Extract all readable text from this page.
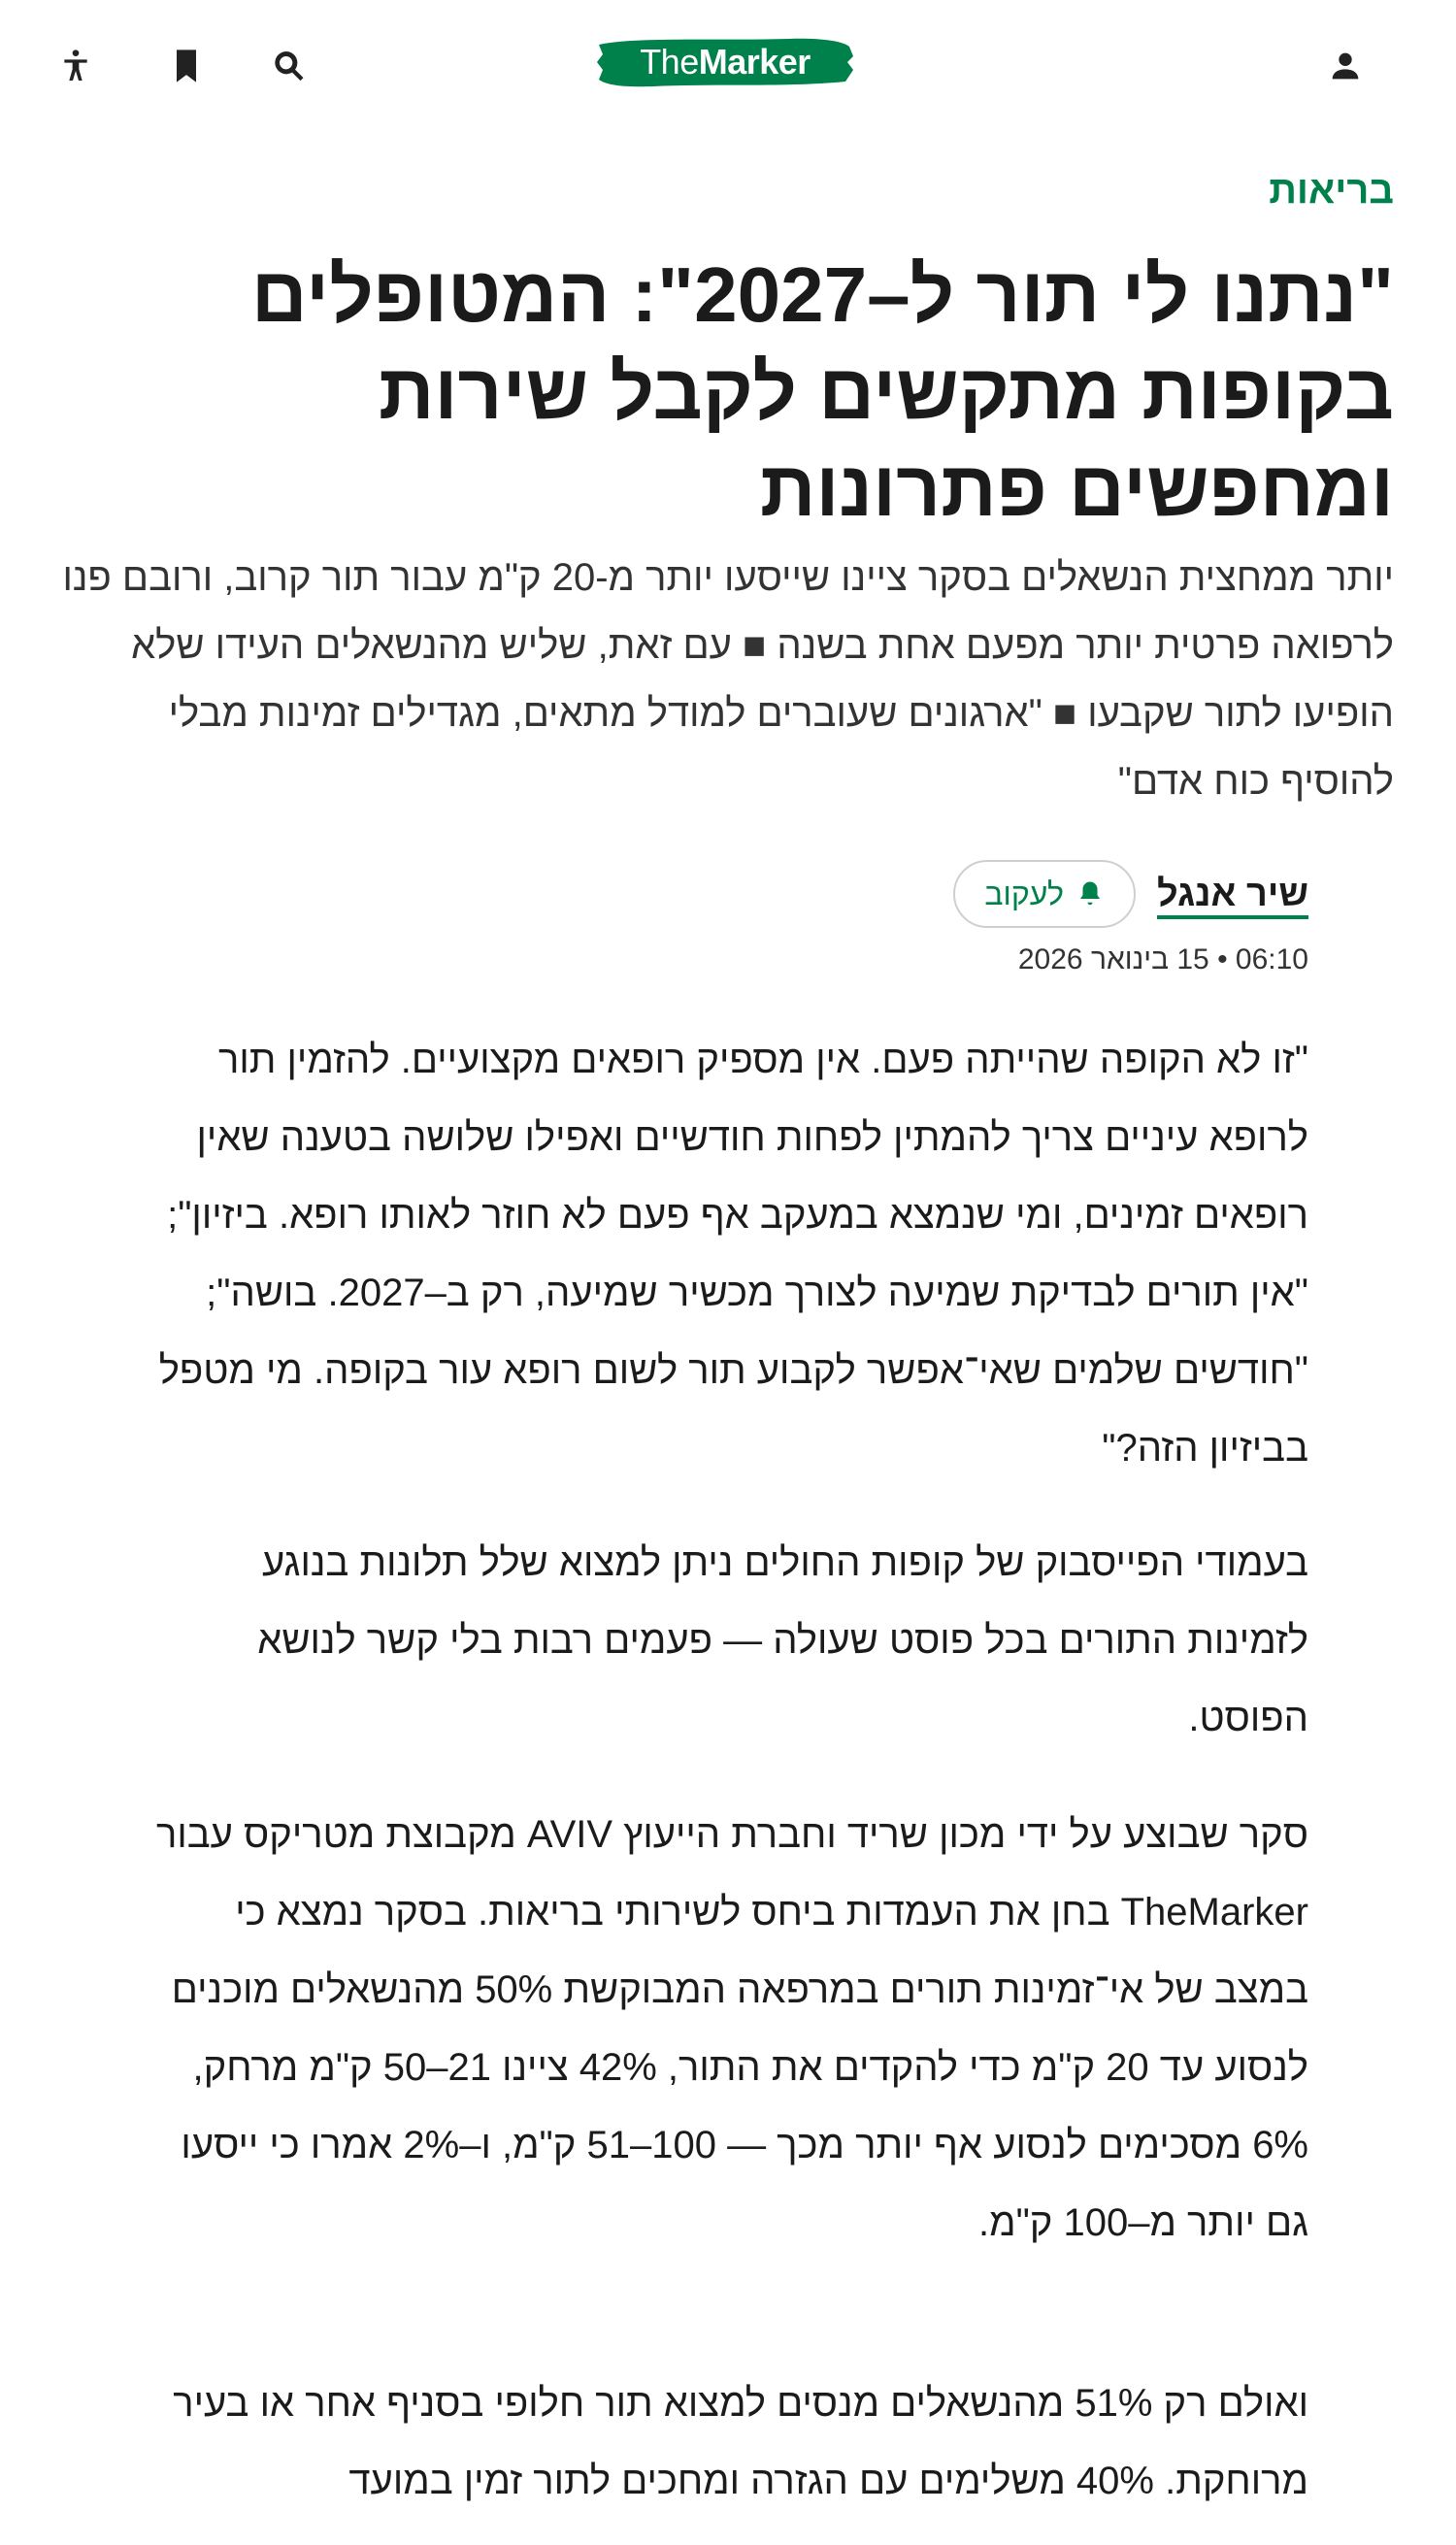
The Marker
בריאות
"נתנו לי תור ל–2027": המטופלים בקופות מתקשים לקבל שירות ומחפשים פתרונות

יותר ממחצית הנשאלים בסקר ציינו שייסעו יותר מ-20 ק"מ עבור תור קרוב, ורובם פנו לרפואה פרטית יותר מפעם אחת בשנה ■ עם זאת, שליש מהנשאלים העידו שלא הופיעו לתור שקבעו ■ "ארגונים שעוברים למודל מתאים, מגדילים זמינות מבלי להוסיף כוח אדם"

שיר אנגל
לעקוב
06:10 • 15 בינואר 2026

"זו לא הקופה שהייתה פעם. אין מספיק רופאים מקצועיים. להזמין תור לרופא עיניים צריך להמתין לפחות חודשיים ואפילו שלושה בטענה שאין רופאים זמינים, ומי שנמצא במעקב אף פעם לא חוזר לאותו רופא. ביזיון"; "אין תורים לבדיקת שמיעה לצורך מכשיר שמיעה, רק ב–2027. בושה"; "חודשים שלמים שאי־אפשר לקבוע תור לשום רופא עור בקופה. מי מטפל בביזיון הזה?"

בעמודי הפייסבוק של קופות החולים ניתן למצוא שלל תלונות בנוגע לזמינות התורים בכל פוסט שעולה — פעמים רבות בלי קשר לנושא הפוסט.

סקר שבוצע על ידי מכון שריד וחברת הייעוץ AVIV מקבוצת מטריקס עבור TheMarker בחן את העמדות ביחס לשירותי בריאות. בסקר נמצא כי במצב של אי־זמינות תורים במרפאה המבוקשת 50% מהנשאלים מוכנים לנסוע עד 20 ק"מ כדי להקדים את התור, 42% ציינו 21–50 ק"מ מרחק, 6% מסכימים לנסוע אף יותר מכך — 100–51 ק"מ, ו–2% אמרו כי ייסעו גם יותר מ–100 ק"מ.

ואולם רק 51% מהנשאלים מנסים למצוא תור חלופי בסניף אחר או בעיר מרוחקת. 40% משלימים עם הגזרה ומחכים לתור זמין במועד
